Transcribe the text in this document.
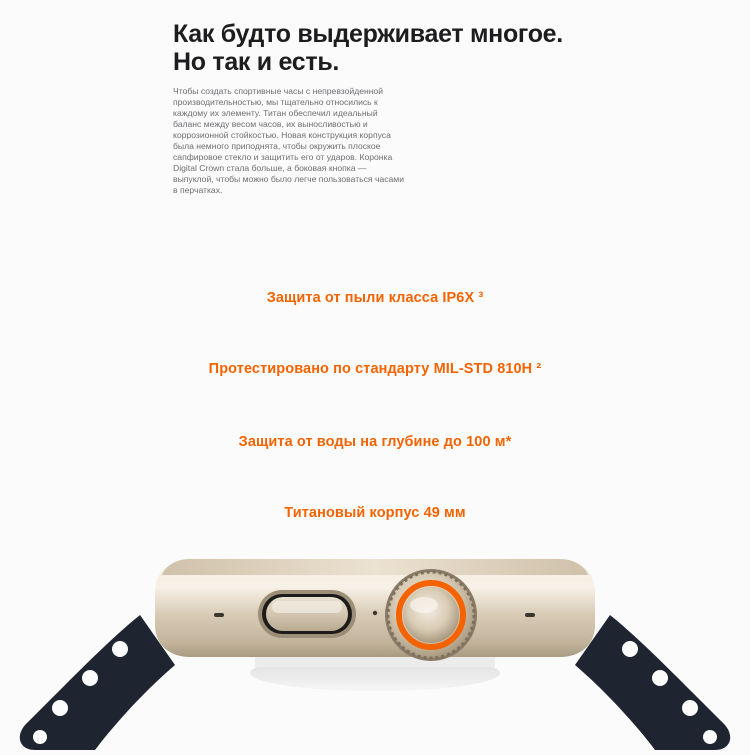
Как будто выдерживает многое.
Но так и есть.

Чтобы создать спортивные часы с непревзойденной производительностью, мы тщательно относились к каждому их элементу. Титан обеспечил идеальный баланс между весом часов, их выносливостью и коррозионной стойкостью. Новая конструкция корпуса была немного приподнята, чтобы окружить плоское сапфировое стекло и защитить его от ударов. Коронка Digital Crown стала больше, а боковая кнопка — выпуклой, чтобы можно было легче пользоваться часами в перчатках.

Защита от пыли класса IP6X ³
Протестировано по стандарту MIL-STD 810H ²
Защита от воды на глубине до 100 м*
Титановый корпус 49 мм
